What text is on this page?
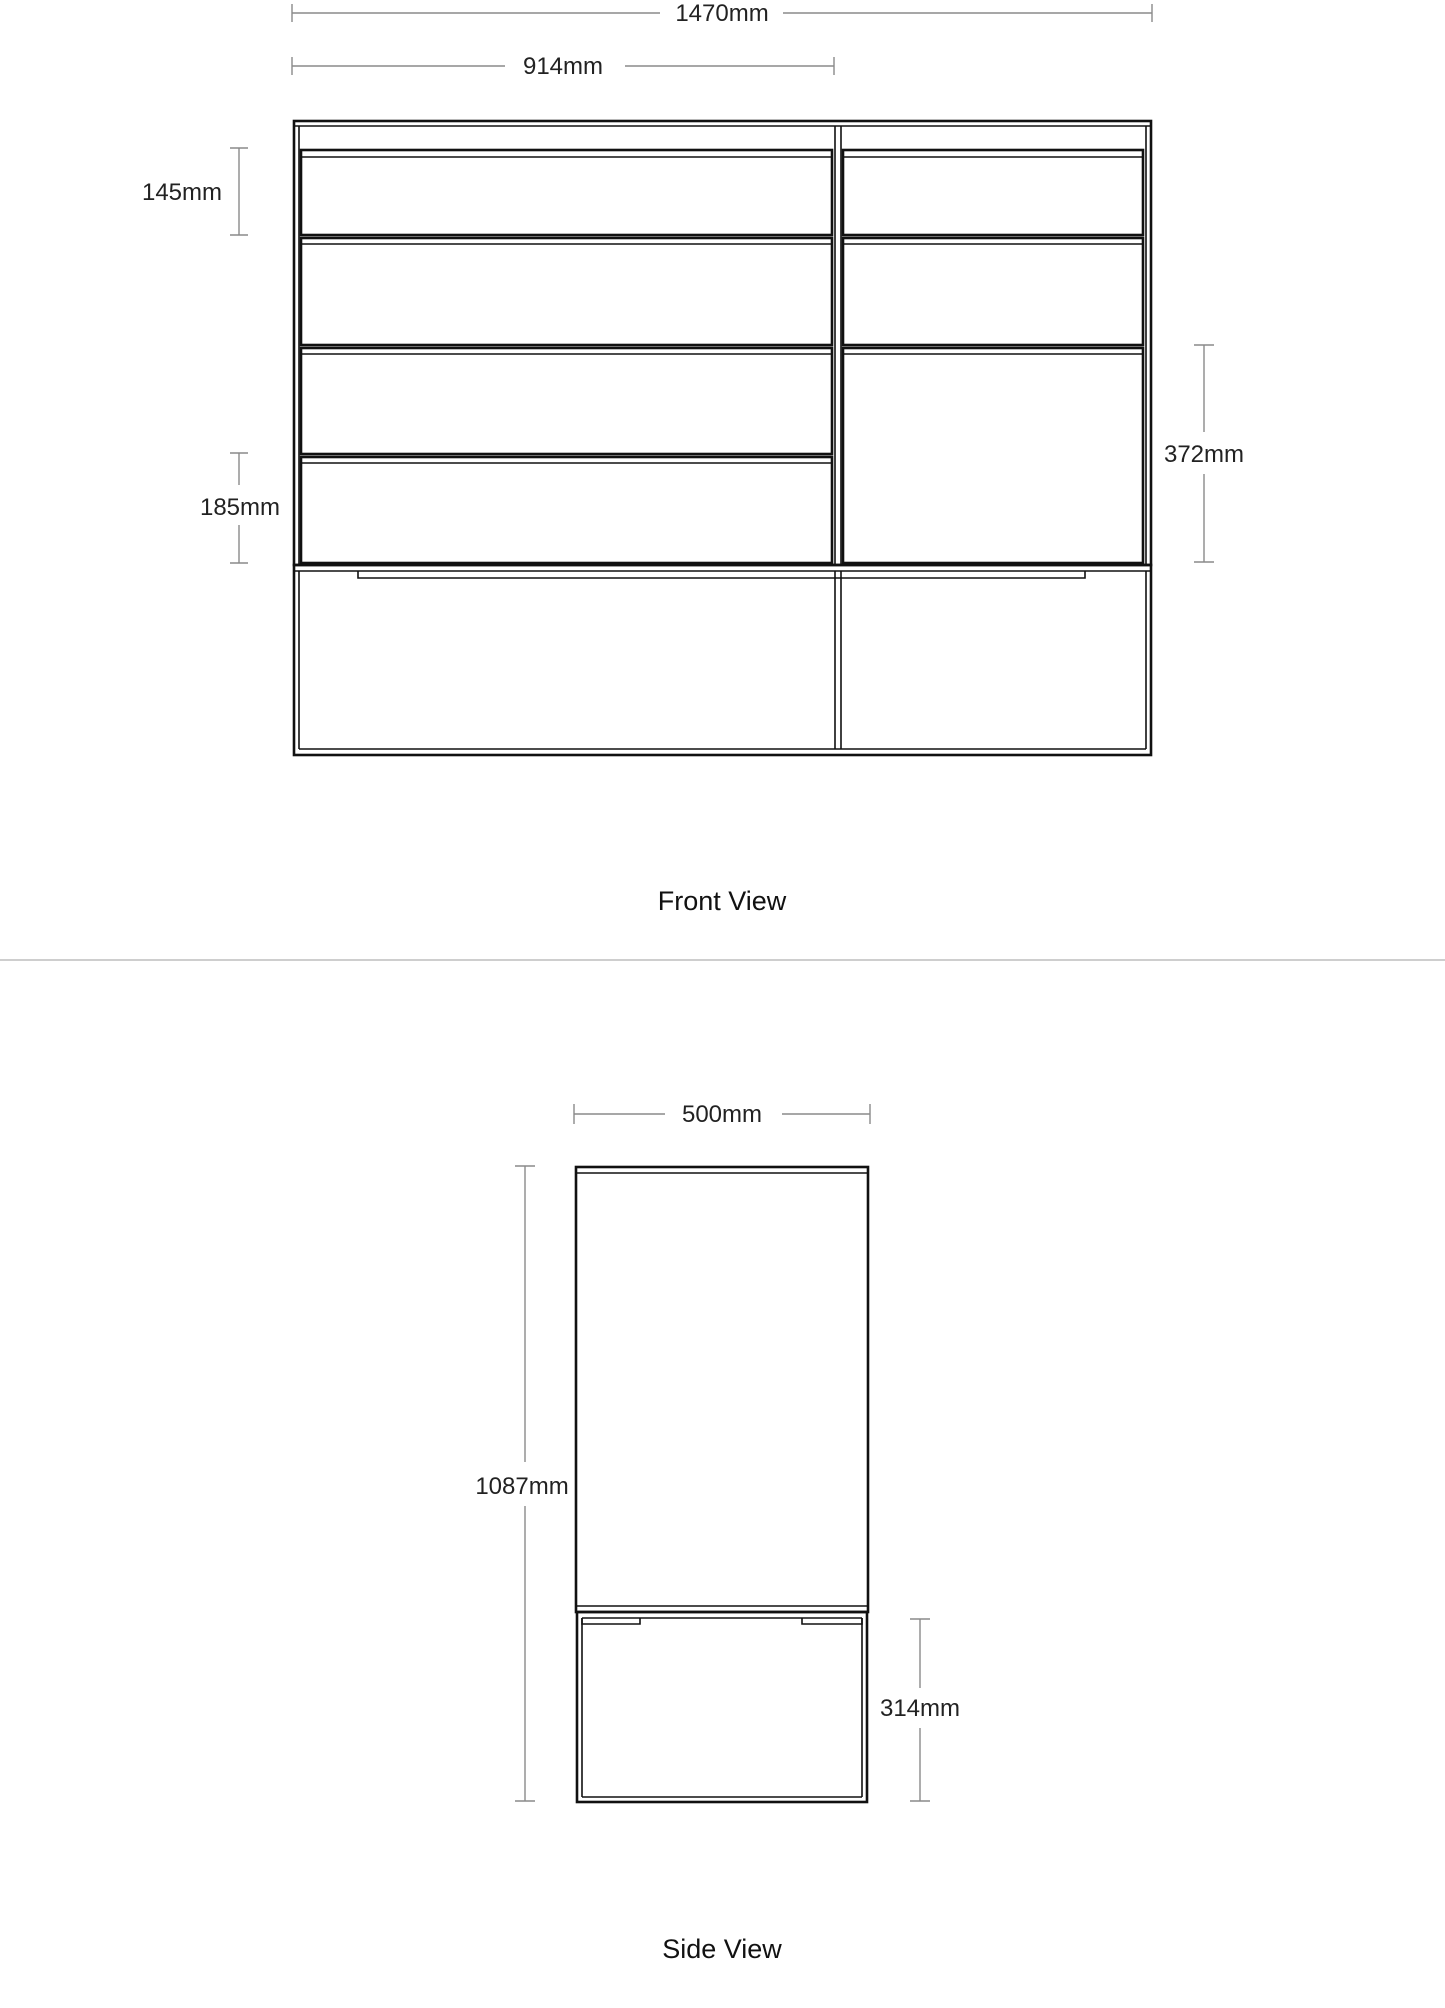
1470mm
914mm
145mm
185mm
372mm
Front View
500mm
1087mm
314mm
Side View
